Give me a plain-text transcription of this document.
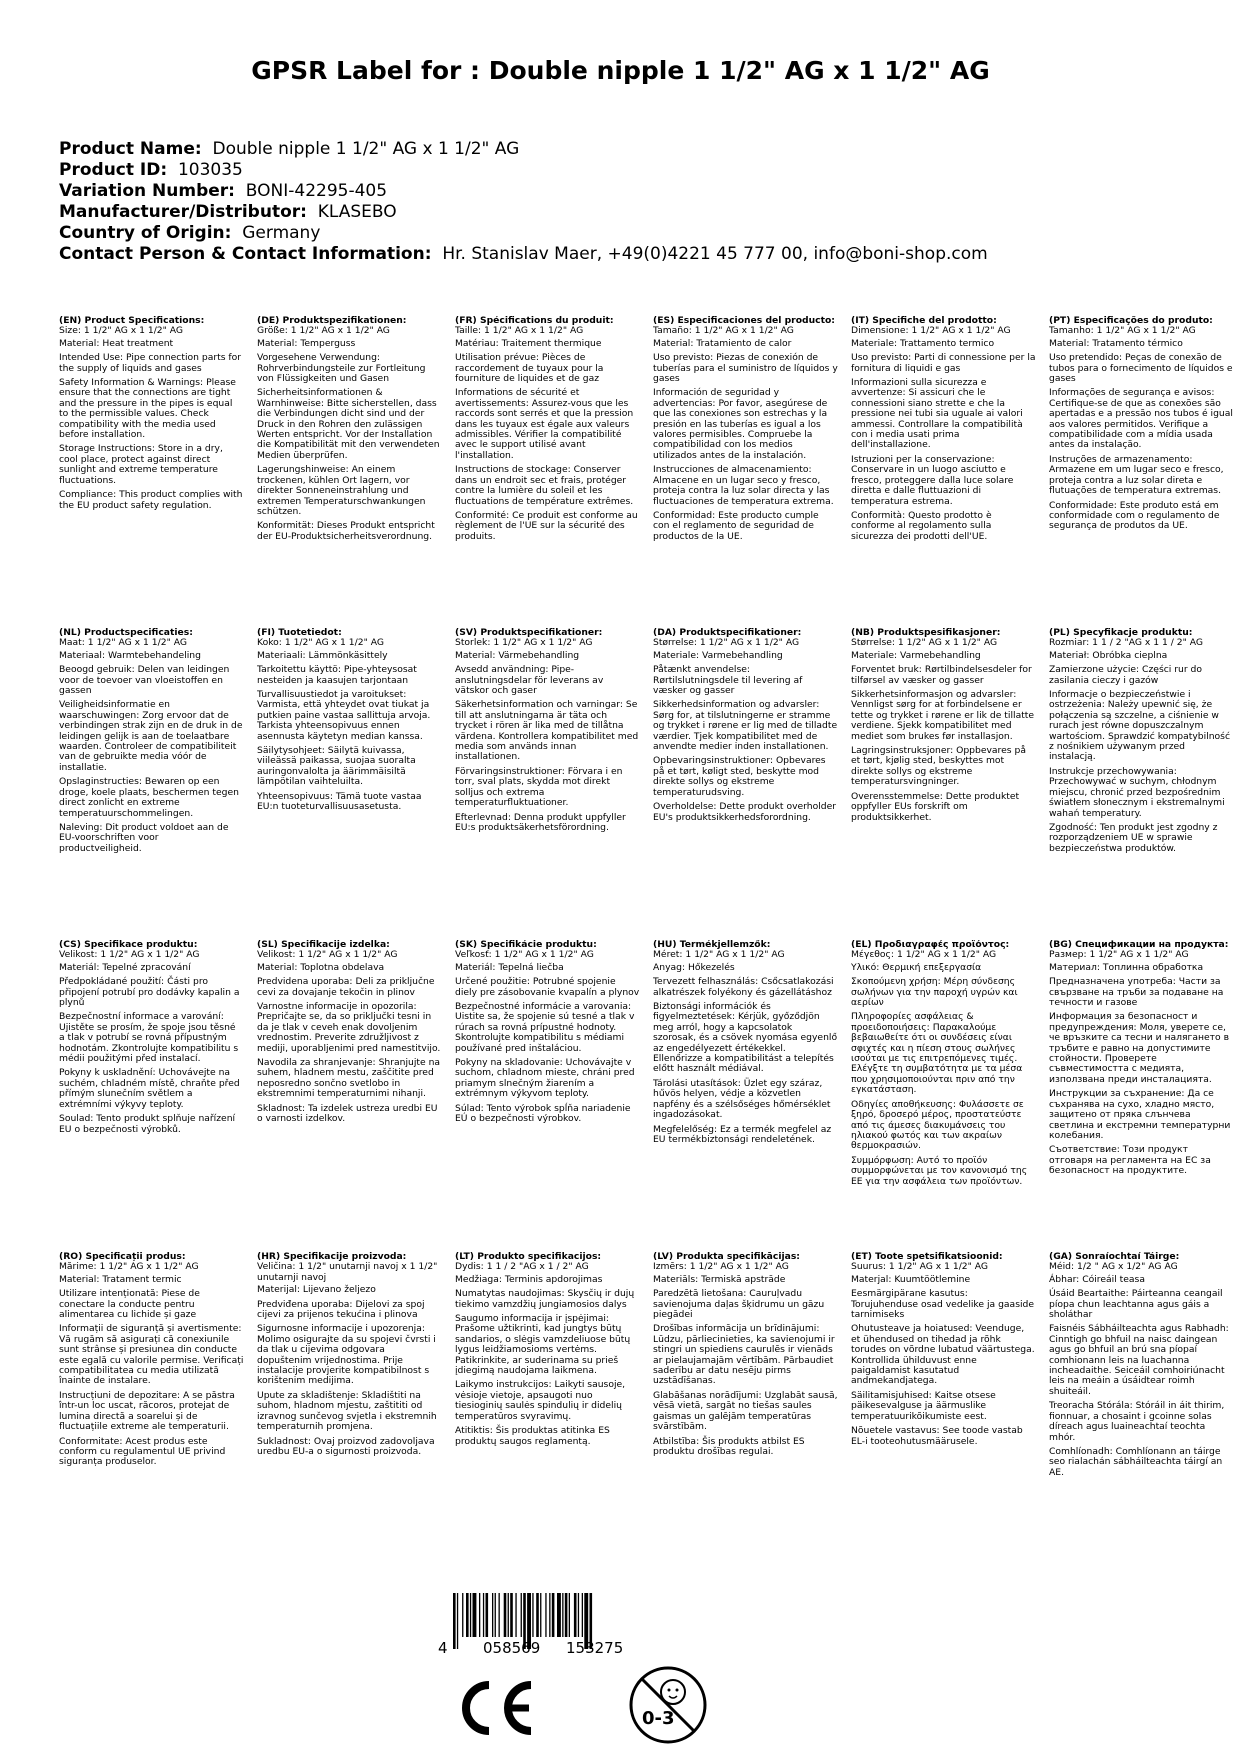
GPSR Label for : Double nipple 1 1/2" AG x 1 1/2" AG
Product Name: Double nipple 1 1/2" AG x 1 1/2" AG
Product ID: 103035
Variation Number: BONI-42295-405
Manufacturer/Distributor: KLASEBO
Country of Origin: Germany
Contact Person & Contact Information: Hr. Stanislav Maer, +49(0)4221 45 777 00, info@boni-shop.com

(EN) Product Specifications:
Size: 1 1/2" AG x 1 1/2" AG

Material: Heat treatment

Intended Use: Pipe connection parts for the supply of liquids and gases

Safety Information & Warnings: Please ensure that the connections are tight and the pressure in the pipes is equal to the permissible values. Check compatibility with the media used before installation.

Storage Instructions: Store in a dry, cool place, protect against direct sunlight and extreme temperature fluctuations.

Compliance: This product complies with the EU product safety regulation.

(DE) Produktspezifikationen:
Größe: 1 1/2" AG x 1 1/2" AG

Material: Temperguss

Vorgesehene Verwendung: Rohrverbindungsteile zur Fortleitung von Flüssigkeiten und Gasen

Sicherheitsinformationen & Warnhinweise: Bitte sicherstellen, dass die Verbindungen dicht sind und der Druck in den Rohren den zulässigen Werten entspricht. Vor der Installation die Kompatibilität mit den verwendeten Medien überprüfen.

Lagerungshinweise: An einem trockenen, kühlen Ort lagern, vor direkter Sonneneinstrahlung und extremen Temperaturschwankungen schützen.

Konformität: Dieses Produkt entspricht der EU-Produktsicherheitsverordnung.

(FR) Spécifications du produit:
Taille: 1 1/2" AG x 1 1/2" AG

Matériau: Traitement thermique

Utilisation prévue: Pièces de raccordement de tuyaux pour la fourniture de liquides et de gaz

Informations de sécurité et avertissements: Assurez-vous que les raccords sont serrés et que la pression dans les tuyaux est égale aux valeurs admissibles. Vérifier la compatibilité avec le support utilisé avant l'installation.

Instructions de stockage: Conserver dans un endroit sec et frais, protéger contre la lumière du soleil et les fluctuations de température extrêmes.

Conformité: Ce produit est conforme au règlement de l'UE sur la sécurité des produits.

(ES) Especificaciones del producto:
Tamaño: 1 1/2" AG x 1 1/2" AG

Material: Tratamiento de calor

Uso previsto: Piezas de conexión de tuberías para el suministro de líquidos y gases

Información de seguridad y advertencias: Por favor, asegúrese de que las conexiones son estrechas y la presión en las tuberías es igual a los valores permisibles. Compruebe la compatibilidad con los medios utilizados antes de la instalación.

Instrucciones de almacenamiento: Almacene en un lugar seco y fresco, proteja contra la luz solar directa y las fluctuaciones de temperatura extrema.

Conformidad: Este producto cumple con el reglamento de seguridad de productos de la UE.

(IT) Specifiche del prodotto:
Dimensione: 1 1/2" AG x 1 1/2" AG

Materiale: Trattamento termico

Uso previsto: Parti di connessione per la fornitura di liquidi e gas

Informazioni sulla sicurezza e avvertenze: Si assicuri che le connessioni siano strette e che la pressione nei tubi sia uguale ai valori ammessi. Controllare la compatibilità con i media usati prima dell'installazione.

Istruzioni per la conservazione: Conservare in un luogo asciutto e fresco, proteggere dalla luce solare diretta e dalle fluttuazioni di temperatura estrema.

Conformità: Questo prodotto è conforme al regolamento sulla sicurezza dei prodotti dell'UE.

(PT) Especificações do produto:
Tamanho: 1 1/2" AG x 1 1/2" AG

Material: Tratamento térmico

Uso pretendido: Peças de conexão de tubos para o fornecimento de líquidos e gases

Informações de segurança e avisos: Certifique-se de que as conexões são apertadas e a pressão nos tubos é igual aos valores permitidos. Verifique a compatibilidade com a mídia usada antes da instalação.

Instruções de armazenamento: Armazene em um lugar seco e fresco, proteja contra a luz solar direta e flutuações de temperatura extremas.

Conformidade: Este produto está em conformidade com o regulamento de segurança de produtos da UE.

(NL) Productspecificaties:
Maat: 1 1/2" AG x 1 1/2" AG

Materiaal: Warmtebehandeling

Beoogd gebruik: Delen van leidingen voor de toevoer van vloeistoffen en gassen

Veiligheidsinformatie en waarschuwingen: Zorg ervoor dat de verbindingen strak zijn en de druk in de leidingen gelijk is aan de toelaatbare waarden. Controleer de compatibiliteit van de gebruikte media vóór de installatie.

Opslaginstructies: Bewaren op een droge, koele plaats, beschermen tegen direct zonlicht en extreme temperatuurschommelingen.

Naleving: Dit product voldoet aan de EU-voorschriften voor productveiligheid.

(FI) Tuotetiedot:
Koko: 1 1/2" AG x 1 1/2" AG

Materiaali: Lämmönkäsittely

Tarkoitettu käyttö: Pipe-yhteysosat nesteiden ja kaasujen tarjontaan

Turvallisuustiedot ja varoitukset: Varmista, että yhteydet ovat tiukat ja putkien paine vastaa sallittuja arvoja. Tarkista yhteensopivuus ennen asennusta käytetyn median kanssa.

Säilytysohjeet: Säilytä kuivassa, viileässä paikassa, suojaa suoralta auringonvalolta ja äärimmäisiltä lämpötilan vaihteluilta.

Yhteensopivuus: Tämä tuote vastaa EU:n tuoteturvallisuusasetusta.

(SV) Produktspecifikationer:
Storlek: 1 1/2" AG x 1 1/2" AG

Material: Värmebehandling

Avsedd användning: Pipe-anslutningsdelar för leverans av vätskor och gaser

Säkerhetsinformation och varningar: Se till att anslutningarna är täta och trycket i rören är lika med de tillåtna värdena. Kontrollera kompatibilitet med media som används innan installationen.

Förvaringsinstruktioner: Förvara i en torr, sval plats, skydda mot direkt solljus och extrema temperaturfluktuationer.

Efterlevnad: Denna produkt uppfyller EU:s produktsäkerhetsförordning.

(DA) Produktspecifikationer:
Størrelse: 1 1/2" AG x 1 1/2" AG

Materiale: Varmebehandling

Påtænkt anvendelse: Rørtilslutningsdele til levering af væsker og gasser

Sikkerhedsinformation og advarsler: Sørg for, at tilslutningerne er stramme og trykket i rørene er lig med de tilladte værdier. Tjek kompatibilitet med de anvendte medier inden installationen.

Opbevaringsinstruktioner: Opbevares på et tørt, køligt sted, beskytte mod direkte sollys og ekstreme temperaturudsving.

Overholdelse: Dette produkt overholder EU's produktsikkerhedsforordning.

(NB) Produktspesifikasjoner:
Størrelse: 1 1/2" AG x 1 1/2" AG

Materiale: Varmebehandling

Forventet bruk: Rørtilbindelsesdeler for tilførsel av væsker og gasser

Sikkerhetsinformasjon og advarsler: Vennligst sørg for at forbindelsene er tette og trykket i rørene er lik de tillatte verdiene. Sjekk kompatibilitet med mediet som brukes før installasjon.

Lagringsinstruksjoner: Oppbevares på et tørt, kjølig sted, beskyttes mot direkte sollys og ekstreme temperatursvingninger.

Overensstemmelse: Dette produktet oppfyller EUs forskrift om produktsikkerhet.

(PL) Specyfikacje produktu:
Rozmiar: 1 1 / 2 "AG x 1 1 / 2" AG

Materiał: Obróbka cieplna

Zamierzone użycie: Części rur do zasilania cieczy i gazów

Informacje o bezpieczeństwie i ostrzeżenia: Należy upewnić się, że połączenia są szczelne, a ciśnienie w rurach jest równe dopuszczalnym wartościom. Sprawdzić kompatybilność z nośnikiem używanym przed instalacją.

Instrukcje przechowywania: Przechowywać w suchym, chłodnym miejscu, chronić przed bezpośrednim światłem słonecznym i ekstremalnymi wahań temperatury.

Zgodność: Ten produkt jest zgodny z rozporządzeniem UE w sprawie bezpieczeństwa produktów.

(CS) Specifikace produktu:
Velikost: 1 1/2" AG x 1 1/2" AG

Materiál: Tepelné zpracování

Předpokládané použití: Části pro připojení potrubí pro dodávky kapalin a plynů

Bezpečnostní informace a varování: Ujistěte se prosím, že spoje jsou těsné a tlak v potrubí se rovná přípustným hodnotám. Zkontrolujte kompatibilitu s médii použitými před instalací.

Pokyny k uskladnění: Uchovávejte na suchém, chladném místě, chraňte před přímým slunečním světlem a extrémními výkyvy teploty.

Soulad: Tento produkt splňuje nařízení EU o bezpečnosti výrobků.

(SL) Specifikacije izdelka:
Velikost: 1 1/2" AG x 1 1/2" AG

Material: Toplotna obdelava

Predvidena uporaba: Deli za priključne cevi za dovajanje tekočin in plinov

Varnostne informacije in opozorila: Prepričajte se, da so priključki tesni in da je tlak v ceveh enak dovoljenim vrednostim. Preverite združljivost z mediji, uporabljenimi pred namestitvijo.

Navodila za shranjevanje: Shranjujte na suhem, hladnem mestu, zaščitite pred neposredno sončno svetlobo in ekstremnimi temperaturnimi nihanji.

Skladnost: Ta izdelek ustreza uredbi EU o varnosti izdelkov.

(SK) Špecifikácie produktu:
Veľkosť: 1 1/2" AG x 1 1/2" AG

Materiál: Tepelná liečba

Určené použitie: Potrubné spojenie diely pre zásobovanie kvapalín a plynov

Bezpečnostné informácie a varovania: Uistite sa, že spojenie sú tesné a tlak v rúrach sa rovná prípustné hodnoty. Skontrolujte kompatibilitu s médiami používané pred inštaláciou.

Pokyny na skladovanie: Uchovávajte v suchom, chladnom mieste, chráni pred priamym slnečným žiarením a extrémnym výkyvom teploty.

Súlad: Tento výrobok spĺňa nariadenie EÚ o bezpečnosti výrobkov.

(HU) Termékjellemzők:
Méret: 1 1/2" AG x 1 1/2" AG

Anyag: Hőkezelés

Tervezett felhasználás: Csőcsatlakozási alkatrészek folyékony és gázellátáshoz

Biztonsági információk és figyelmeztetések: Kérjük, győződjön meg arról, hogy a kapcsolatok szorosak, és a csövek nyomása egyenlő az engedélyezett értékekkel. Ellenőrizze a kompatibilitást a telepítés előtt használt médiával.

Tárolási utasítások: Üzlet egy száraz, hűvös helyen, védje a közvetlen napfény és a szélsőséges hőmérséklet ingadozásokat.

Megfelelőség: Ez a termék megfelel az EU termékbiztonsági rendeletének.

(EL) Προδιαγραφές προϊόντος:
Μέγεθος: 1 1/2" AG x 1 1/2" AG

Υλικό: Θερμική επεξεργασία

Σκοπούμενη χρήση: Μέρη σύνδεσης σωλήνων για την παροχή υγρών και αερίων

Πληροφορίες ασφάλειας & προειδοποιήσεις: Παρακαλούμε βεβαιωθείτε ότι οι συνδέσεις είναι σφιχτές και η πίεση στους σωλήνες ισούται με τις επιτρεπόμενες τιμές. Ελέγξτε τη συμβατότητα με τα μέσα που χρησιμοποιούνται πριν από την εγκατάσταση.

Οδηγίες αποθήκευσης: Φυλάσσετε σε ξηρό, δροσερό μέρος, προστατεύστε από τις άμεσες διακυμάνσεις του ηλιακού φωτός και των ακραίων θερμοκρασιών.

Συμμόρφωση: Αυτό το προϊόν συμμορφώνεται με τον κανονισμό της ΕΕ για την ασφάλεια των προϊόντων.

(BG) Спецификации на продукта:
Размер: 1 1/2" AG x 1 1/2" AG

Материал: Топлинна обработка

Предназначена употреба: Части за свързване на тръби за подаване на течности и газове

Информация за безопасност и предупреждения: Моля, уверете се, че връзките са тесни и налягането в тръбите е равно на допустимите стойности. Проверете съвместимостта с медията, използвана преди инсталацията.

Инструкции за съхранение: Да се съхранява на сухо, хладно място, защитено от пряка слънчева светлина и екстремни температурни колебания.

Съответствие: Този продукт отговаря на регламента на ЕС за безопасност на продуктите.

(RO) Specificații produs:
Mărime: 1 1/2" AG x 1 1/2" AG

Material: Tratament termic

Utilizare intenționată: Piese de conectare la conducte pentru alimentarea cu lichide și gaze

Informații de siguranță și avertismente: Vă rugăm să asigurați că conexiunile sunt strânse și presiunea din conducte este egală cu valorile permise. Verificați compatibilitatea cu media utilizată înainte de instalare.

Instrucțiuni de depozitare: A se păstra într-un loc uscat, răcoros, protejat de lumina directă a soarelui și de fluctuațiile extreme ale temperaturii.

Conformitate: Acest produs este conform cu regulamentul UE privind siguranța produselor.

(HR) Specifikacije proizvoda:
Veličina: 1 1/2" unutarnji navoj x 1 1/2" unutarnji navoj

Materijal: Lijevano željezo

Predviđena uporaba: Dijelovi za spoj cijevi za prijenos tekućina i plinova

Sigurnosne informacije i upozorenja: Molimo osigurajte da su spojevi čvrsti i da tlak u cijevima odgovara dopuštenim vrijednostima. Prije instalacije provjerite kompatibilnost s korištenim medijima.

Upute za skladištenje: Skladištiti na suhom, hladnom mjestu, zaštititi od izravnog sunčevog svjetla i ekstremnih temperaturnih promjena.

Sukladnost: Ovaj proizvod zadovoljava uredbu EU-a o sigurnosti proizvoda.

(LT) Produkto specifikacijos:
Dydis: 1 1 / 2 "AG x 1 / 2" AG

Medžiaga: Terminis apdorojimas

Numatytas naudojimas: Skysčių ir dujų tiekimo vamzdžių jungiamosios dalys

Saugumo informacija ir įspėjimai: Prašome užtikrinti, kad jungtys būtų sandarios, o slėgis vamzdeliuose būtų lygus leidžiamosioms vertėms. Patikrinkite, ar suderinama su prieš įdiegimą naudojama laikmena.

Laikymo instrukcijos: Laikyti sausoje, vėsioje vietoje, apsaugoti nuo tiesioginių saulės spindulių ir didelių temperatūros svyravimų.

Atitiktis: Šis produktas atitinka ES produktų saugos reglamentą.

(LV) Produkta specifikācijas:
Izmērs: 1 1/2" AG x 1 1/2" AG

Materiāls: Termiskā apstrāde

Paredzētā lietošana: Cauruļvadu savienojuma daļas šķidrumu un gāzu piegādei

Drošības informācija un brīdinājumi: Lūdzu, pārliecinieties, ka savienojumi ir stingri un spiediens caurulēs ir vienāds ar pielaujamajām vērtībām. Pārbaudiet saderību ar datu nesēju pirms uzstādīšanas.

Glabāšanas norādījumi: Uzglabāt sausā, vēsā vietā, sargāt no tiešas saules gaismas un galējām temperatūras svārstībām.

Atbilstība: Šis produkts atbilst ES produktu drošības regulai.

(ET) Toote spetsifikatsioonid:
Suurus: 1 1/2" AG x 1 1/2" AG

Materjal: Kuumtöötlemine

Eesmärgipärane kasutus: Torujuhenduse osad vedelike ja gaaside tarnimiseks

Ohutusteave ja hoiatused: Veenduge, et ühendused on tihedad ja rõhk torudes on võrdne lubatud väärtustega. Kontrollida ühilduvust enne paigaldamist kasutatud andmekandjatega.

Säilitamisjuhised: Kaitse otsese päikesevalguse ja äärmuslike temperatuurikõikumiste eest.

Nõuetele vastavus: See toode vastab EL-i tooteohutusmäärusele.

(GA) Sonraíochtaí Táirge:
Méid: 1/2 " AG x 1/2" AG AG

Ábhar: Cóireáil teasa

Úsáid Beartaithe: Páirteanna ceangail píopa chun leachtanna agus gáis a sholáthar

Faisnéis Sábháilteachta agus Rabhadh: Cinntigh go bhfuil na naisc daingean agus go bhfuil an brú sna píopaí comhionann leis na luachanna incheadaithe. Seiceáil comhoiriúnacht leis na meáin a úsáidtear roimh shuiteáil.

Treoracha Stórála: Stóráil in áit thirim, fionnuar, a chosaint i gcoinne solas díreach agus luaineachtaí teochta mhór.

Comhlíonadh: Comhlíonann an táirge seo rialachán sábháilteachta táirgí an AE.

4 058569 153275
0-3
